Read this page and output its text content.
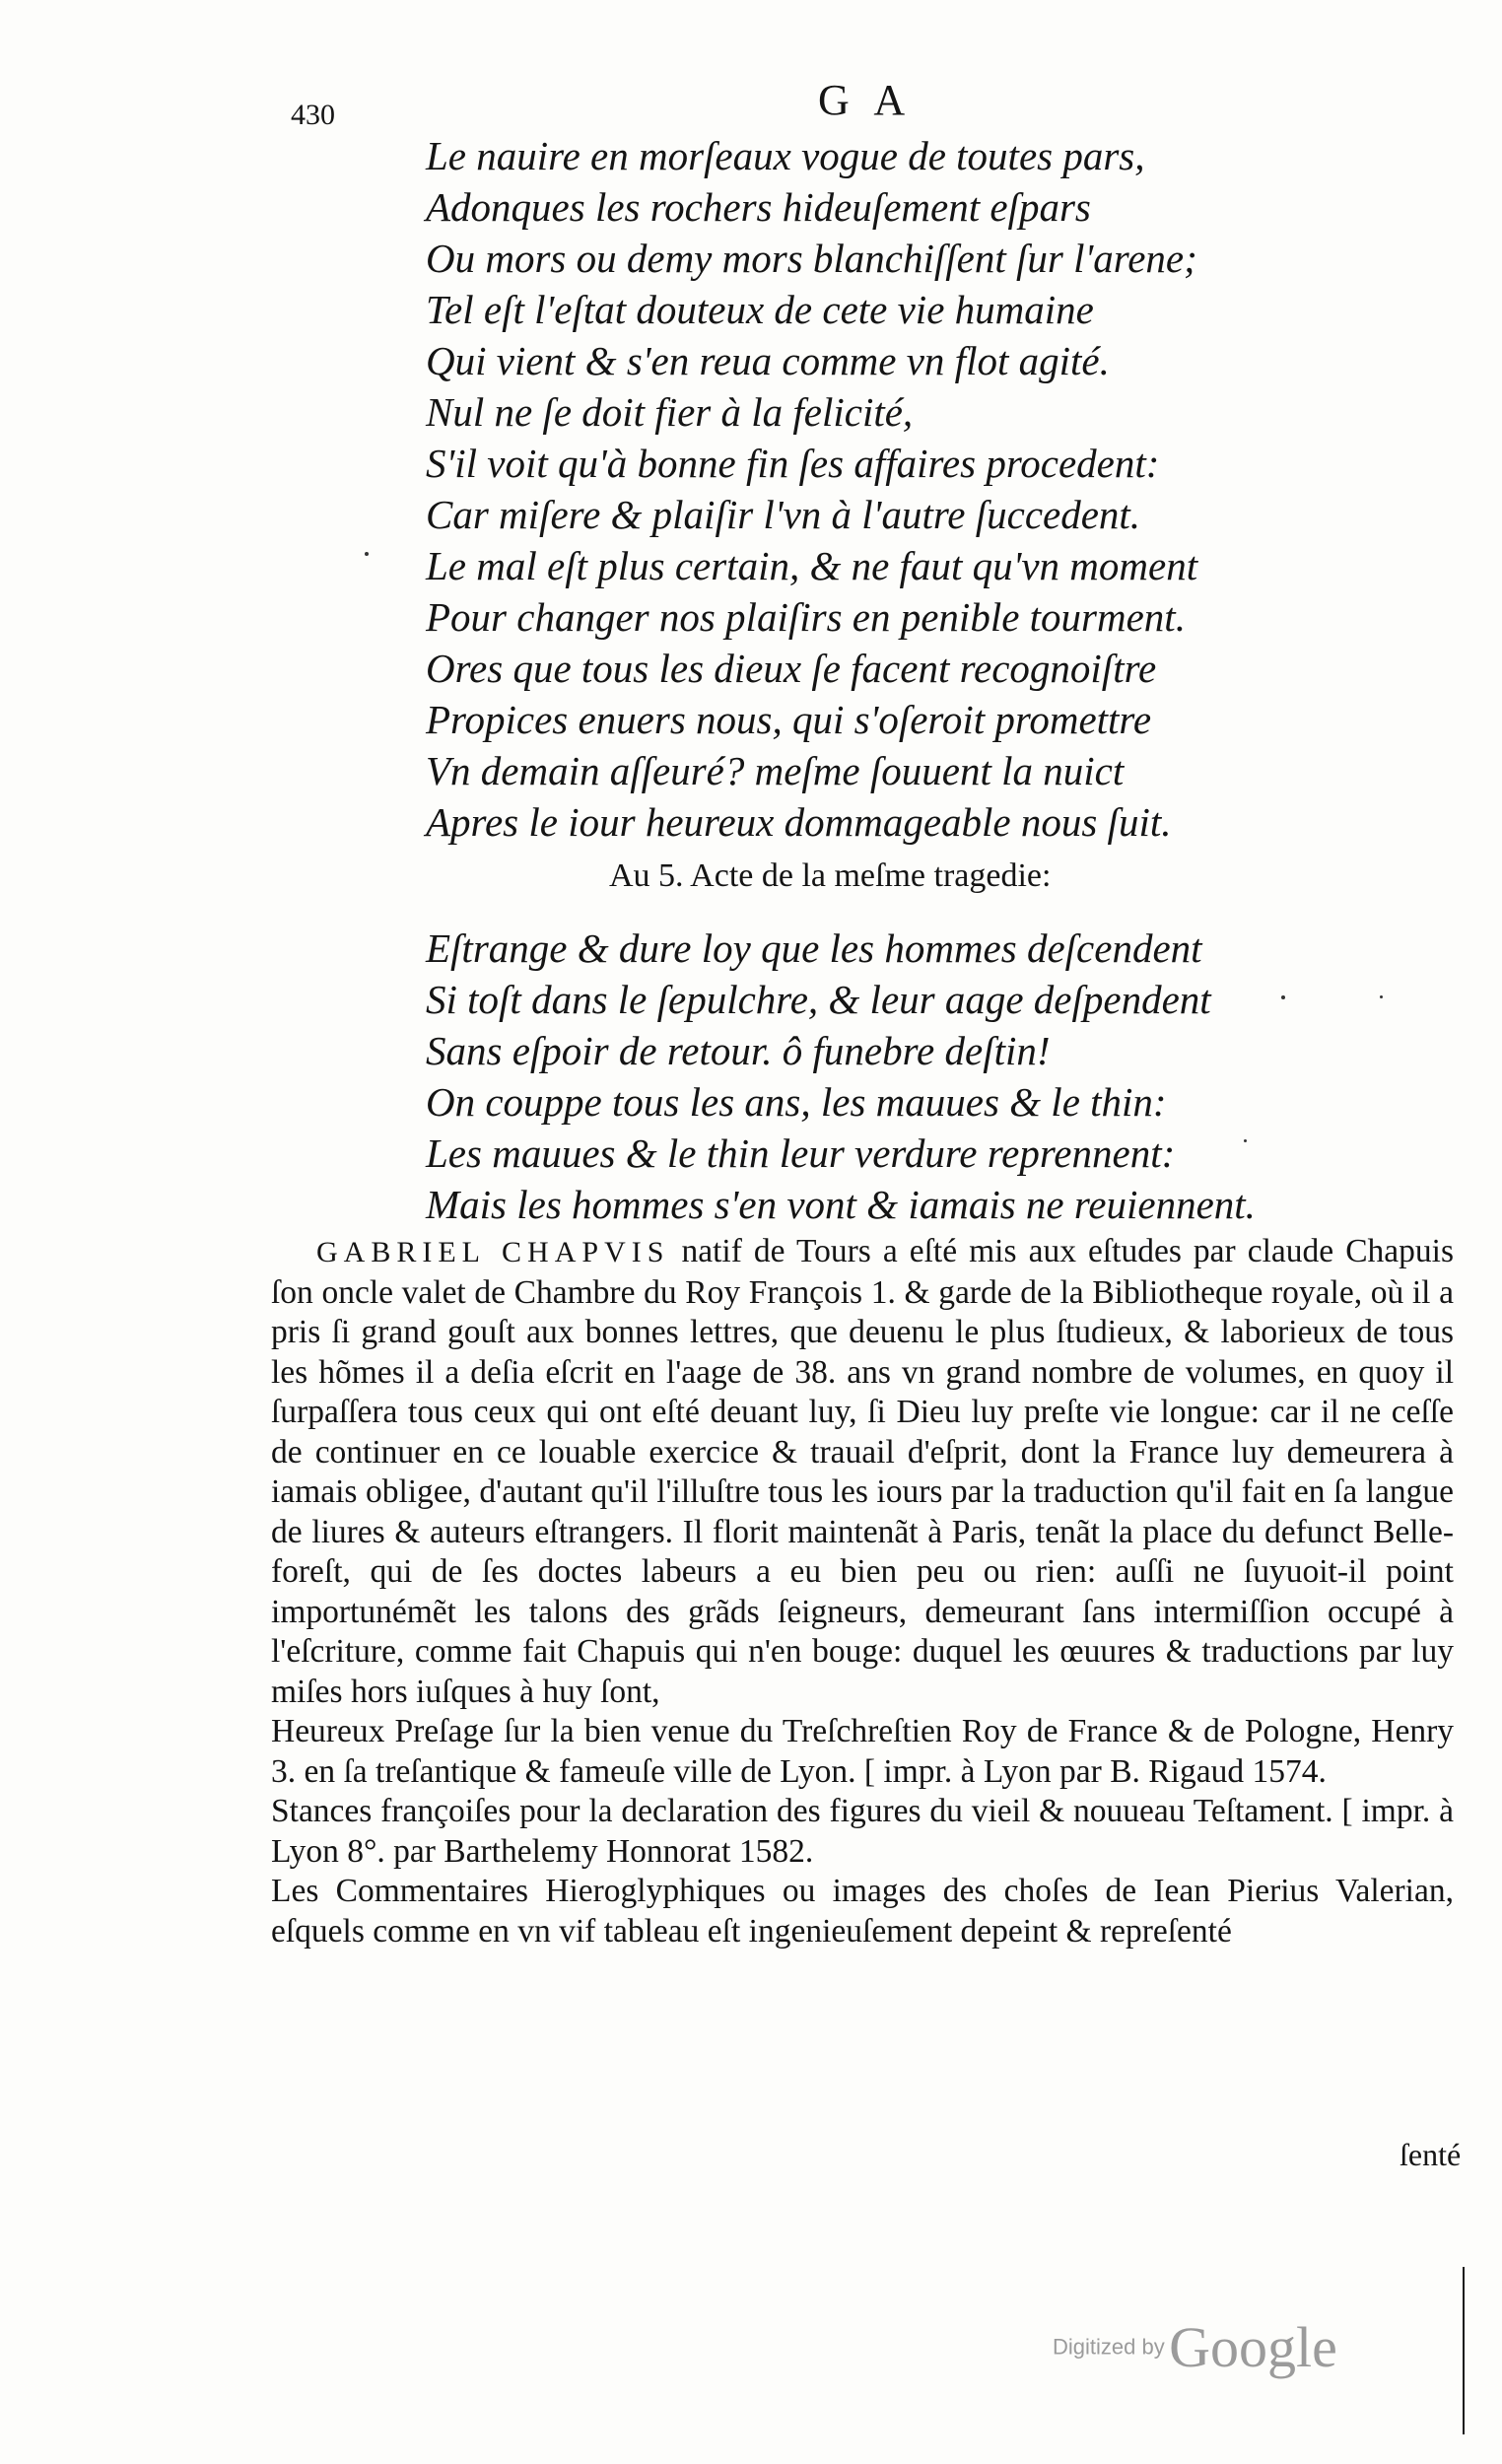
430	G A
Le nauire en morſeaux vogue de toutes pars,
Adonques les rochers hideuſement eſpars
Ou mors ou demy mors blanchiſſent ſur l'arene;
Tel eſt l'eſtat douteux de cete vie humaine
Qui vient & s'en reua comme vn flot agité.
Nul ne ſe doit fier à la felicité,
S'il voit qu'à bonne fin ſes affaires procedent:
Car miſere & plaiſir l'vn à l'autre ſuccedent.
Le mal eſt plus certain, & ne faut qu'vn moment
Pour changer nos plaiſirs en penible tourment.
Ores que tous les dieux ſe facent recognoiſtre
Propices enuers nous, qui s'oſeroit promettre
Vn demain aſſeuré? meſme ſouuent la nuict
Apres le iour heureux dommageable nous ſuit.
Au 5. Acte de la meſme tragedie:
Eſtrange & dure loy que les hommes deſcendent
Si toſt dans le ſepulchre, & leur aage deſpendent
Sans eſpoir de retour. ô funebre deſtin!
On couppe tous les ans, les mauues & le thin:
Les mauues & le thin leur verdure reprennent:
Mais les hommes s'en vont & iamais ne reuiennent.

GABRIEL CHAPVIS natif de Tours a eſté mis aux eſtudes par claude Chapuis ſon oncle valet de Chambre du Roy François 1. & garde de la Bibliotheque royale, où il a pris ſi grand gouſt aux bonnes lettres, que deuenu le plus ſtudieux, & laborieux de tous les hõmes il a deſia eſcrit en l'aage de 38. ans vn grand nombre de volumes, en quoy il ſurpaſſera tous ceux qui ont eſté deuant luy, ſi Dieu luy preſte vie longue: car il ne ceſſe de continuer en ce louable exercice & trauail d'eſprit, dont la France luy demeurera à iamais obligee, d'autant qu'il l'illuſtre tous les iours par la traduction qu'il fait en ſa langue de liures & auteurs eſtrangers. Il florit maintenãt à Paris, tenãt la place du defunct Belle-foreſt, qui de ſes doctes labeurs a eu bien peu ou rien: auſſi ne ſuyuoit-il point importunémẽt les talons des grãds ſeigneurs, demeurant ſans intermiſſion occupé à l'eſcriture, comme fait Chapuis qui n'en bouge: duquel les œuures & traductions par luy miſes hors iuſques à huy ſont,

Heureux Preſage ſur la bien venue du Treſchreſtien Roy de France & de Pologne, Henry 3. en ſa treſantique & fameuſe ville de Lyon. [ impr. à Lyon par B. Rigaud 1574.

Stances françoiſes pour la declaration des figures du vieil & nouueau Teſtament. [ impr. à Lyon 8°. par Barthelemy Honnorat 1582.

Les Commentaires Hieroglyphiques ou images des choſes de Iean Pierius Valerian, eſquels comme en vn vif tableau eſt ingenieuſement depeint & repreſenté

ſenté
Digitized by Google
